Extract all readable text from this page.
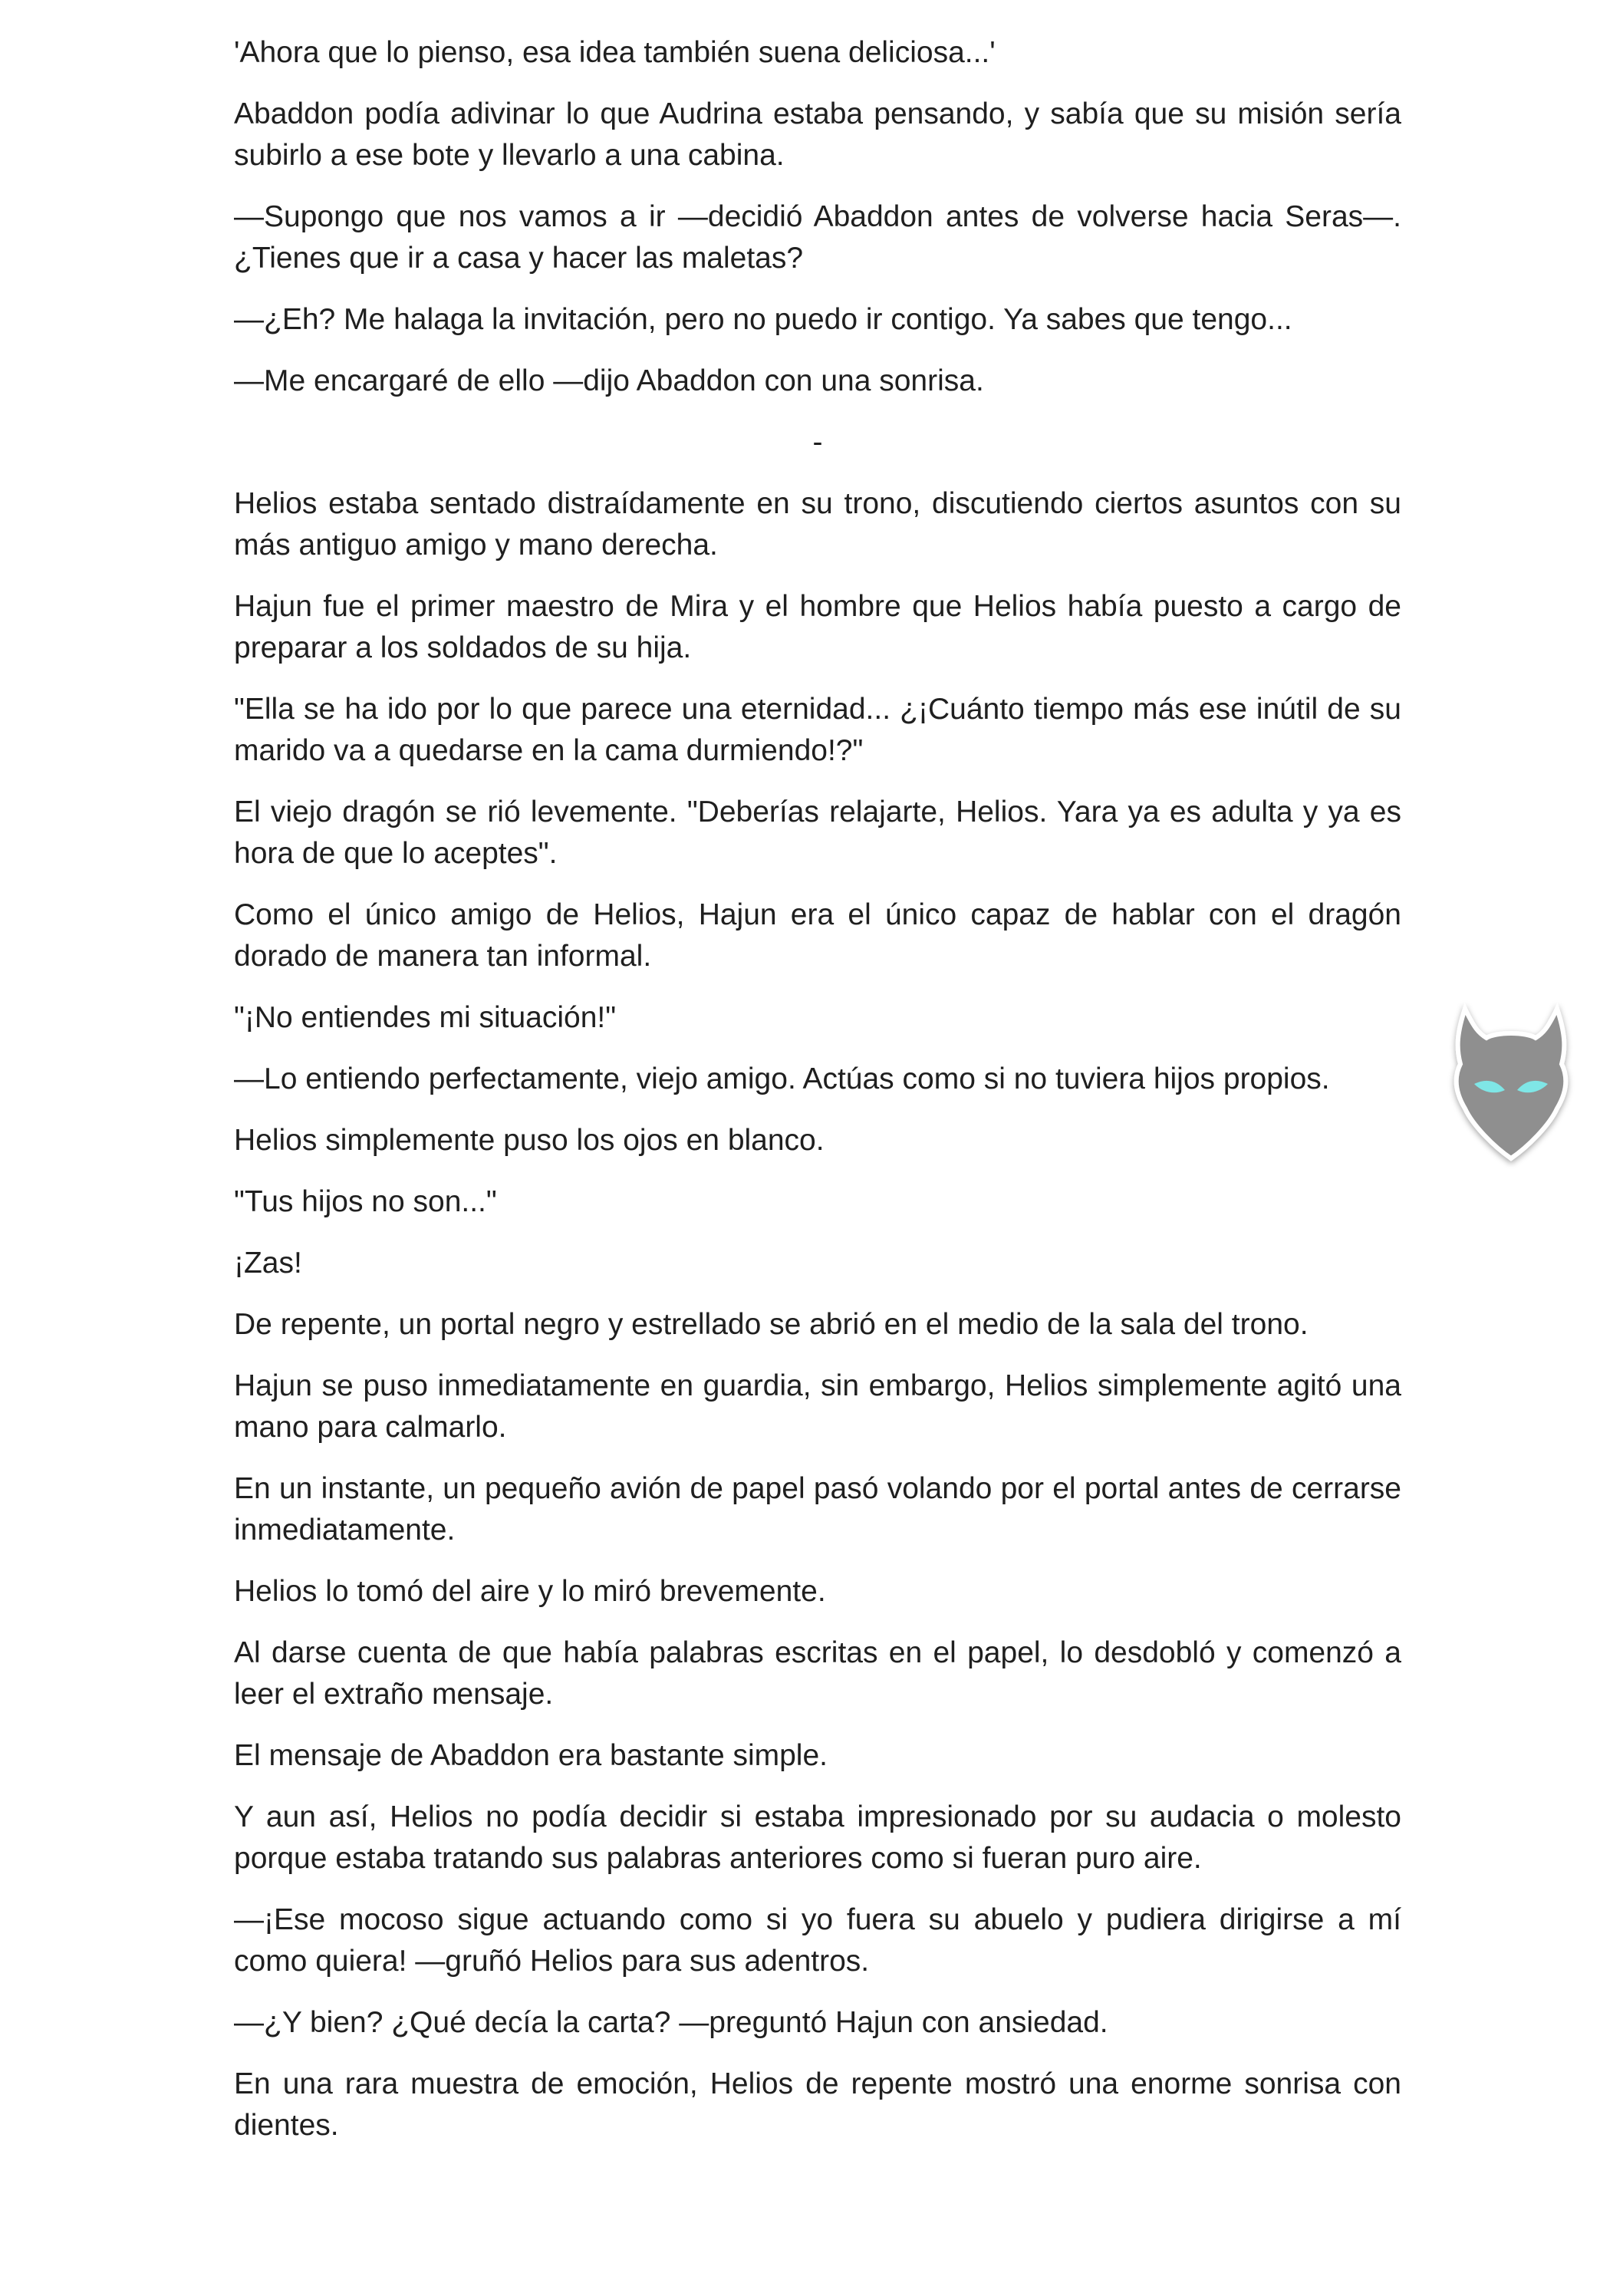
'Ahora que lo pienso, esa idea también suena deliciosa...'

Abaddon podía adivinar lo que Audrina estaba pensando, y sabía que su misión sería subirlo a ese bote y llevarlo a una cabina.

—Supongo que nos vamos a ir —decidió Abaddon antes de volverse hacia Seras—. ¿Tienes que ir a casa y hacer las maletas?

—¿Eh? Me halaga la invitación, pero no puedo ir contigo. Ya sabes que tengo...

—Me encargaré de ello —dijo Abaddon con una sonrisa.

-

Helios estaba sentado distraídamente en su trono, discutiendo ciertos asuntos con su más antiguo amigo y mano derecha.

Hajun fue el primer maestro de Mira y el hombre que Helios había puesto a cargo de preparar a los soldados de su hija.

"Ella se ha ido por lo que parece una eternidad... ¿¡Cuánto tiempo más ese inútil de su marido va a quedarse en la cama durmiendo!?"

El viejo dragón se rió levemente. "Deberías relajarte, Helios. Yara ya es adulta y ya es hora de que lo aceptes".

Como el único amigo de Helios, Hajun era el único capaz de hablar con el dragón dorado de manera tan informal.

"¡No entiendes mi situación!"

—Lo entiendo perfectamente, viejo amigo. Actúas como si no tuviera hijos propios.

Helios simplemente puso los ojos en blanco.

"Tus hijos no son..."

¡Zas!

De repente, un portal negro y estrellado se abrió en el medio de la sala del trono.

Hajun se puso inmediatamente en guardia, sin embargo, Helios simplemente agitó una mano para calmarlo.

En un instante, un pequeño avión de papel pasó volando por el portal antes de cerrarse inmediatamente.

Helios lo tomó del aire y lo miró brevemente.

Al darse cuenta de que había palabras escritas en el papel, lo desdobló y comenzó a leer el extraño mensaje.

El mensaje de Abaddon era bastante simple.

Y aun así, Helios no podía decidir si estaba impresionado por su audacia o molesto porque estaba tratando sus palabras anteriores como si fueran puro aire.

—¡Ese mocoso sigue actuando como si yo fuera su abuelo y pudiera dirigirse a mí como quiera! —gruñó Helios para sus adentros.

—¿Y bien? ¿Qué decía la carta? —preguntó Hajun con ansiedad.

En una rara muestra de emoción, Helios de repente mostró una enorme sonrisa con dientes.
